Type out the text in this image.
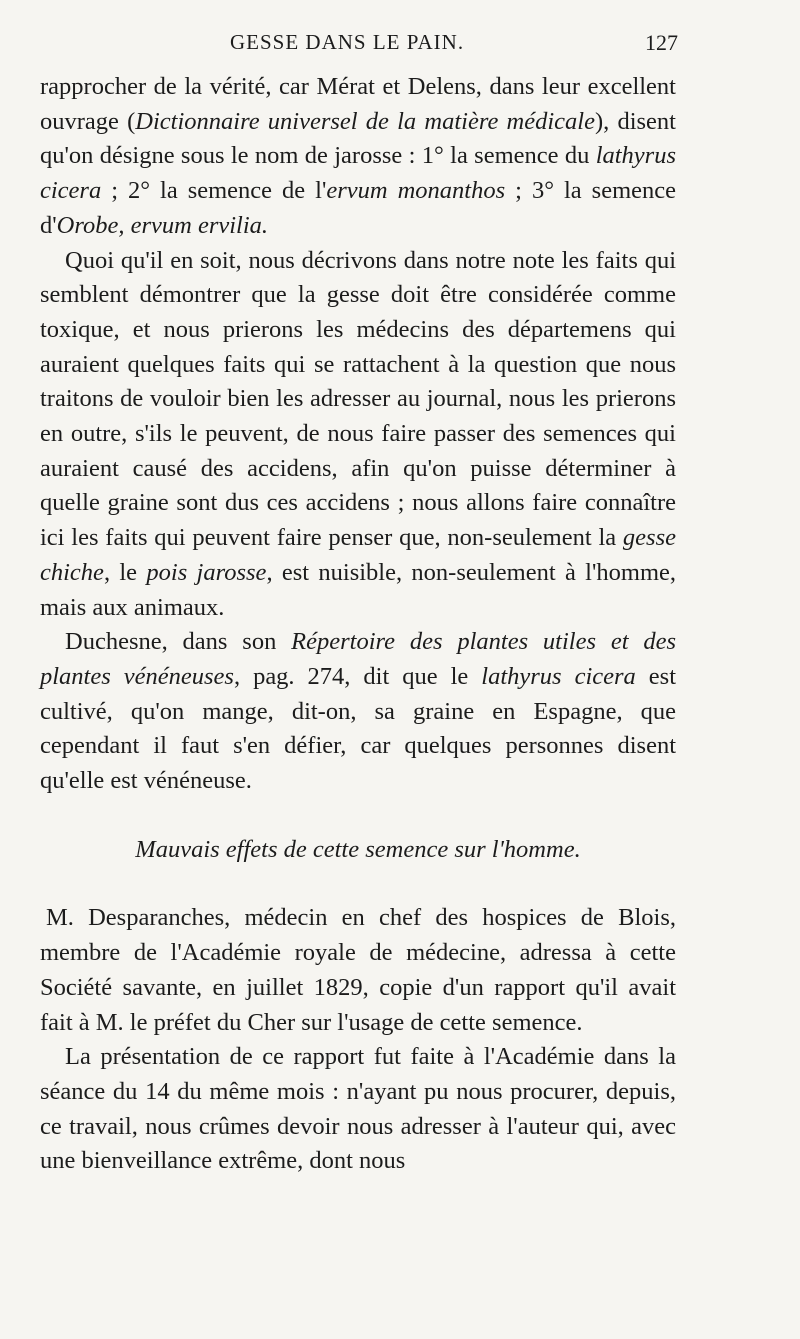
GESSE DANS LE PAIN.	127

rapprocher de la vérité, car Mérat et Delens, dans leur excellent ouvrage (Dictionnaire universel de la matière médicale), disent qu'on désigne sous le nom de jarosse : 1° la semence du lathyrus cicera ; 2° la semence de l'ervum monanthos ; 3° la semence d'Orobe, ervum ervilia.

Quoi qu'il en soit, nous décrivons dans notre note les faits qui semblent démontrer que la gesse doit être considérée comme toxique, et nous prierons les médecins des départemens qui auraient quelques faits qui se rattachent à la question que nous traitons de vouloir bien les adresser au journal, nous les prierons en outre, s'ils le peuvent, de nous faire passer des semences qui auraient causé des accidens, afin qu'on puisse déterminer à quelle graine sont dus ces accidens ; nous allons faire connaître ici les faits qui peuvent faire penser que, non-seulement la gesse chiche, le pois jarosse, est nuisible, non-seulement à l'homme, mais aux animaux.

Duchesne, dans son Répertoire des plantes utiles et des plantes vénéneuses, pag. 274, dit que le lathyrus cicera est cultivé, qu'on mange, dit-on, sa graine en Espagne, que cependant il faut s'en défier, car quelques personnes disent qu'elle est vénéneuse.

Mauvais effets de cette semence sur l'homme.

M. Desparanches, médecin en chef des hospices de Blois, membre de l'Académie royale de médecine, adressa à cette Société savante, en juillet 1829, copie d'un rapport qu'il avait fait à M. le préfet du Cher sur l'usage de cette semence.

La présentation de ce rapport fut faite à l'Académie dans la séance du 14 du même mois : n'ayant pu nous procurer, depuis, ce travail, nous crûmes devoir nous adresser à l'auteur qui, avec une bienveillance extrême, dont nous
